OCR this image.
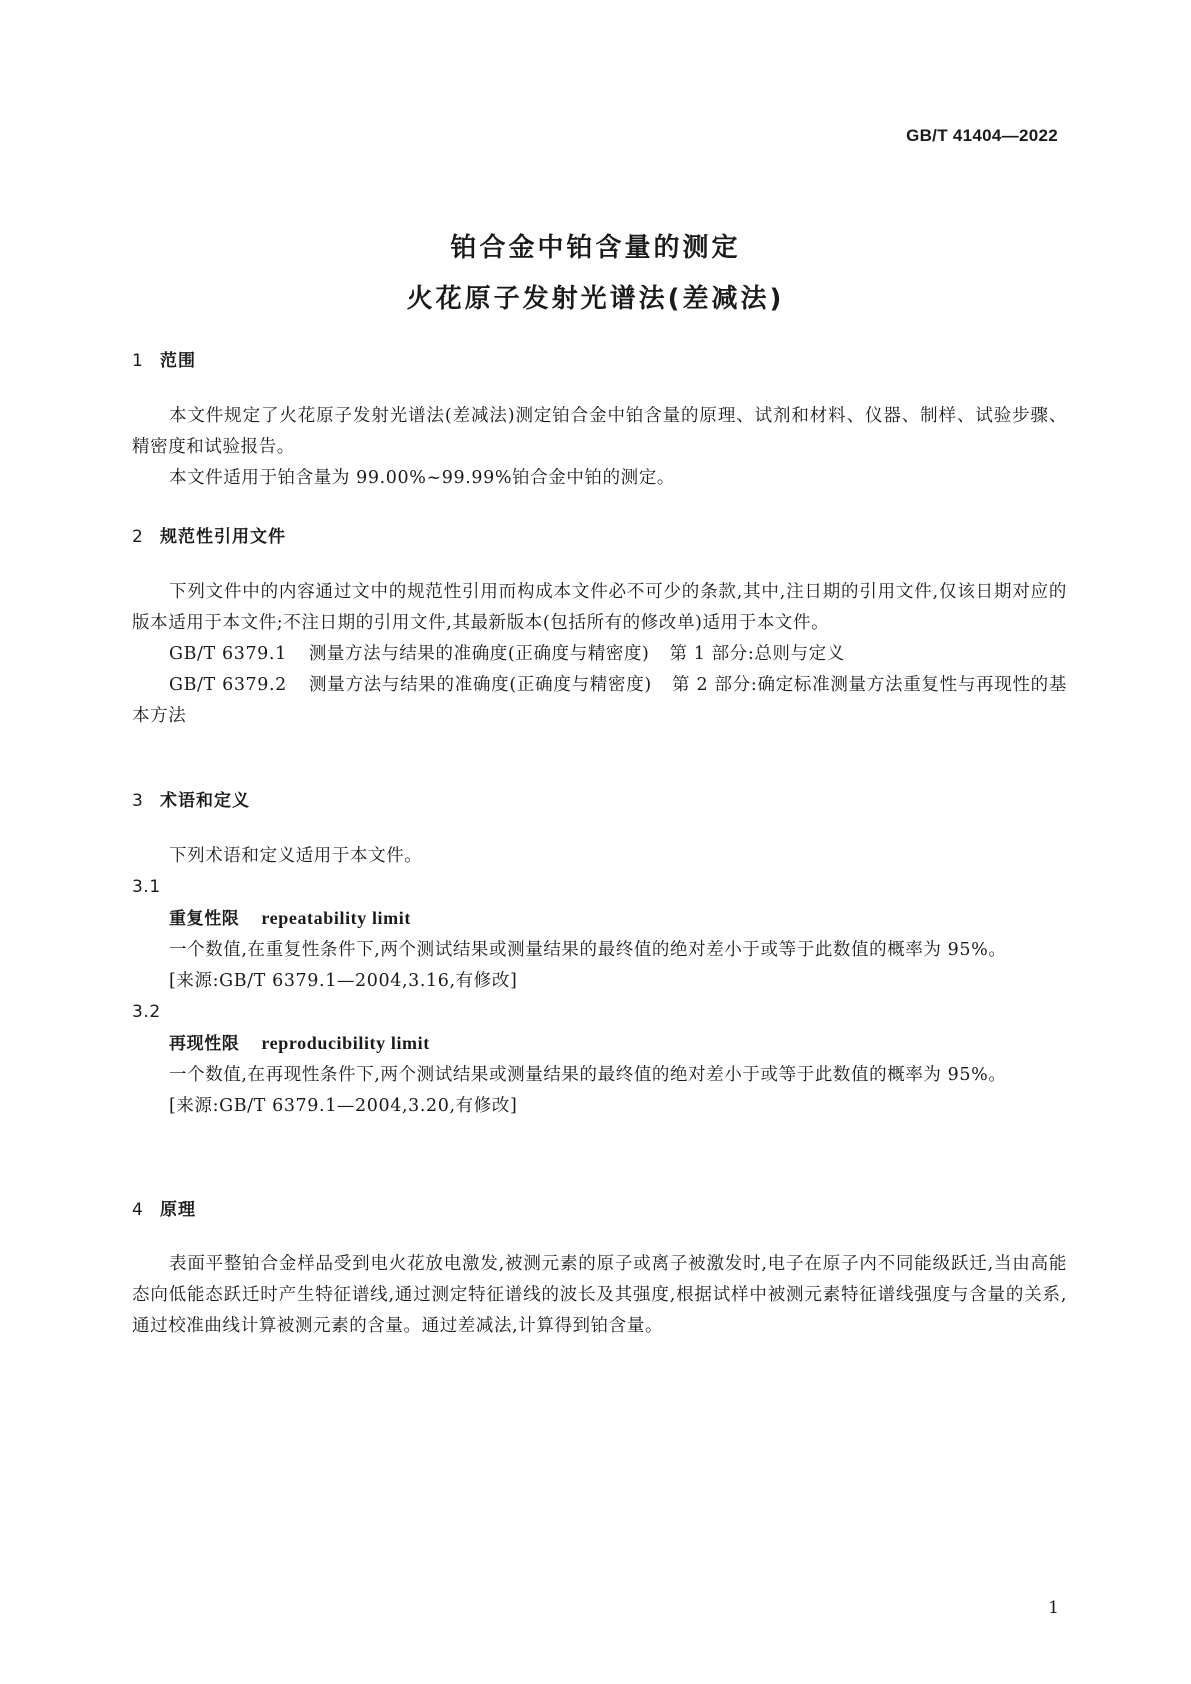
GB/T 41404—2022
铂合金中铂含量的测定
火花原子发射光谱法(差减法)
1 范围
本文件规定了火花原子发射光谱法(差减法)测定铂合金中铂含量的原理、试剂和材料、仪器、制样、试验步骤、精密度和试验报告。
本文件适用于铂含量为 99.00%~99.99%铂合金中铂的测定。
2 规范性引用文件
下列文件中的内容通过文中的规范性引用而构成本文件必不可少的条款,其中,注日期的引用文件,仅该日期对应的版本适用于本文件;不注日期的引用文件,其最新版本(包括所有的修改单)适用于本文件。
GB/T 6379.1 测量方法与结果的准确度(正确度与精密度) 第 1 部分:总则与定义
GB/T 6379.2 测量方法与结果的准确度(正确度与精密度) 第 2 部分:确定标准测量方法重复性与再现性的基本方法
3 术语和定义
下列术语和定义适用于本文件。
3.1
重复性限 repeatability limit
一个数值,在重复性条件下,两个测试结果或测量结果的最终值的绝对差小于或等于此数值的概率为 95%。
[来源:GB/T 6379.1—2004,3.16,有修改]
3.2
再现性限 reproducibility limit
一个数值,在再现性条件下,两个测试结果或测量结果的最终值的绝对差小于或等于此数值的概率为 95%。
[来源:GB/T 6379.1—2004,3.20,有修改]
4 原理
表面平整铂合金样品受到电火花放电激发,被测元素的原子或离子被激发时,电子在原子内不同能级跃迁,当由高能态向低能态跃迁时产生特征谱线,通过测定特征谱线的波长及其强度,根据试样中被测元素特征谱线强度与含量的关系,通过校准曲线计算被测元素的含量。通过差减法,计算得到铂含量。
1
